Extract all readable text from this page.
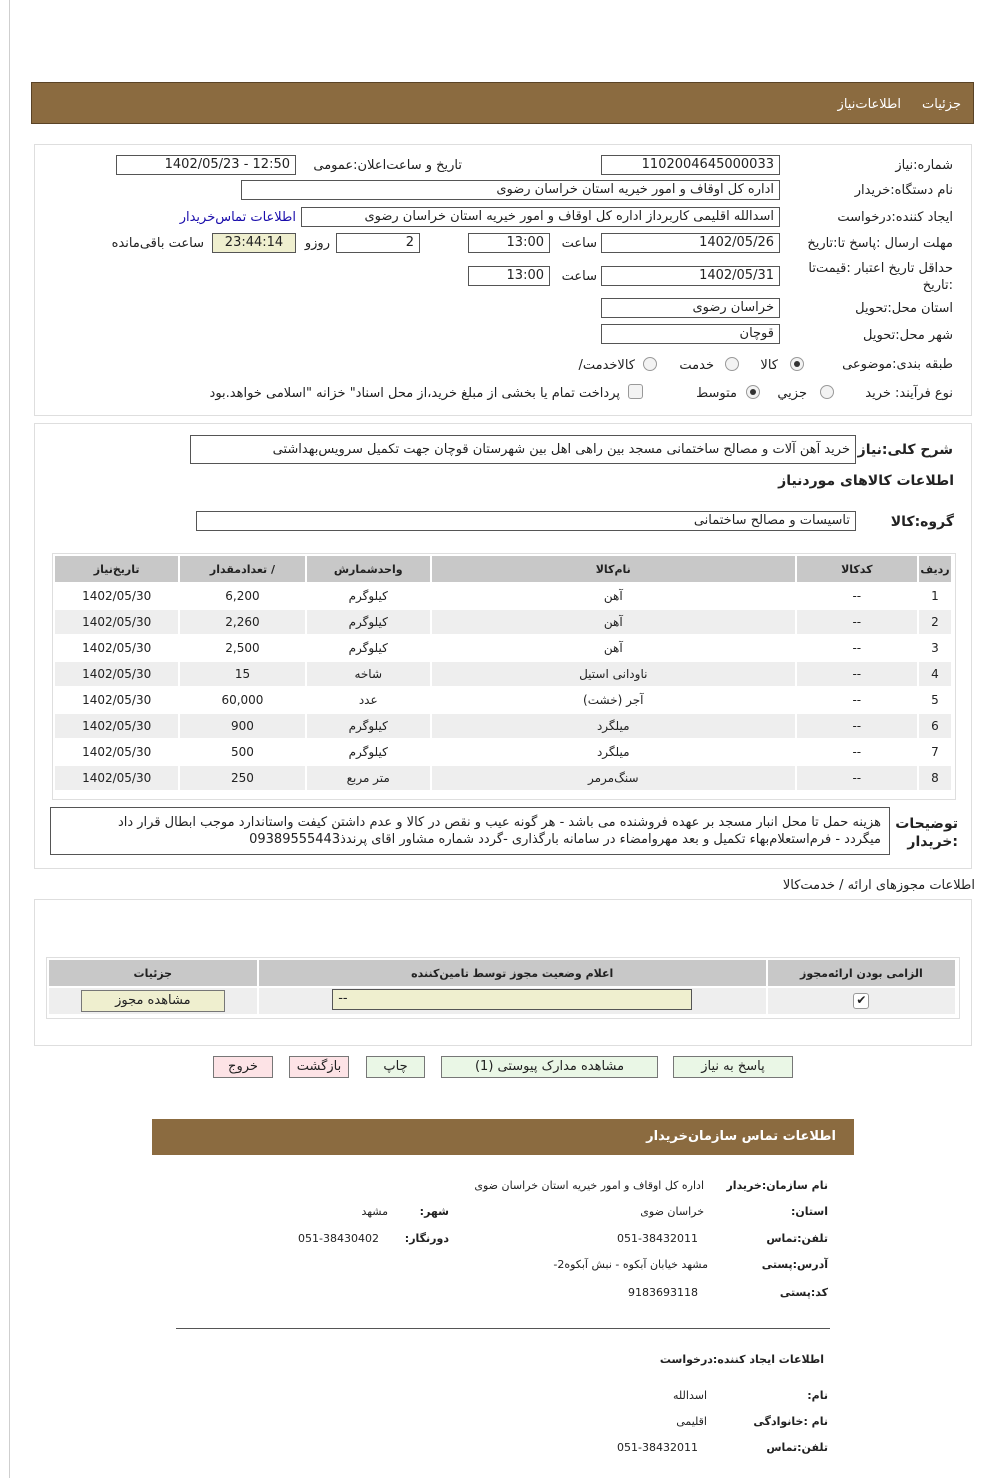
جزئیات
اطلاعات‌نیاز
شماره:نیاز
1102004645000033
تاریخ و ساعت‌اعلان:عمومی
1402/05/23 - 12:50
نام دستگاه:خریدار
اداره کل اوقاف و امور خیریه استان خراسان رضوی
ایجاد کننده:درخواست
اسدالله اقلیمی کاربرداز اداره کل اوقاف و امور خیریه استان خراسان رضوی
اطلاعات تماس‌خریدار
مهلت ارسال :پاسخ تا:تاریخ
1402/05/26
ساعت
13:00
2
روزو
23:44:14
ساعت باقی‌مانده
حداقل تاریخ اعتبار :قیمت‌تا :تاریخ
1402/05/31
ساعت
13:00
استان محل:تحویل
خراسان رضوی
شهر محل:تحویل
قوچان
طبقه بندی:موضوعی
کالا
خدمت
/کالاخدمت
نوع فرآیند: خرید
جزیي
متوسط
پرداخت تمام یا بخشی از مبلغ خرید،از محل اسناد" خزانه "اسلامی خواهد.بود
شرح کلی:نیاز
خرید آهن آلات و مصالح ساختمانی مسجد بین راهی اهل بین شهرستان قوچان جهت تکمیل سرویس‌بهداشتی
اطلاعات کالاهای مورد‌نیاز
گروه:کالا
تاسیسات و مصالح ساختمانی
ردیف	کدکالا	نام‌کالا	واحدشمارش	/ تعدادمقدار	تاریخ‌نیاز
1	--	آهن	کیلوگرم	6,200	1402/05/30
2	--	آهن	کیلوگرم	2,260	1402/05/30
3	--	آهن	کیلوگرم	2,500	1402/05/30
4	--	ناودانی استیل	شاخه	15	1402/05/30
5	--	آجر (خشت)	عدد	60,000	1402/05/30
6	--	میلگرد	کیلوگرم	900	1402/05/30
7	--	میلگرد	کیلوگرم	500	1402/05/30
8	--	سنگ‌مرمر	متر مربع	250	1402/05/30
توضیحات :خریدار
هزینه حمل تا محل انبار مسجد بر عهده فروشنده می باشد - هر گونه عیب و نقص در کالا و عدم داشتن کیفت واستاندارد موجب ابطال قرار داد
میگردد - فرم‌استعلام‌بهاء تکمیل و بعد مهروامضاء در سامانه بارگذاری -گردد شماره مشاور اقای پرندذ09389555443
اطلاعات مجوزهای ارائه / خدمت‌کالا
الزامی بودن ارائه‌مجوز	اعلام وضعیت مجوز توسط تامین‌کننده	جزئیات
✔	--	مشاهده مجوز
پاسخ به نیاز
مشاهده مدارک پیوستی (1)
چاپ
بازگشت
خروج
اطلاعات تماس سازمان‌خریدار
نام سازمان:خریدار
اداره کل اوقاف و امور خیریه استان خراسان ضوی
:استان
خراسان ضوی
:شهر
مشهد
تلفن:تماس
051-38432011
:دورنگار
051-38430402
آدرس:پستی
-مشهد خیابان آبکوه - نبش آبکوه2
کد:پستی
9183693118
اطلاعات ایجاد کننده:درخواست
:نام
اسدالله
نام :خانوادگی
اقلیمی
تلفن:تماس
051-38432011
